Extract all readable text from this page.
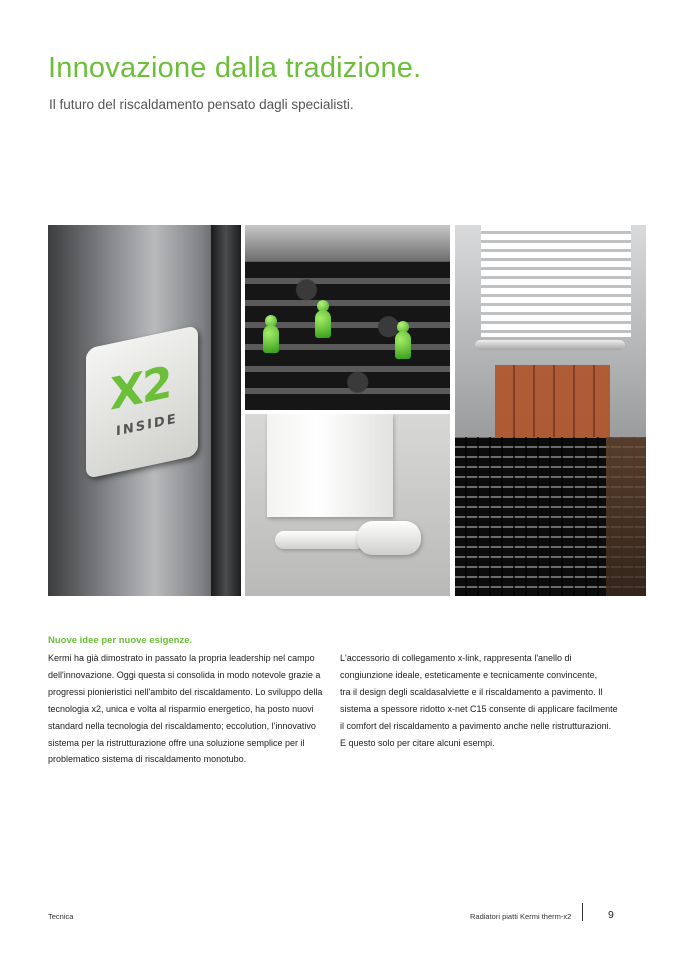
Innovazione dalla tradizione.
Il futuro del riscaldamento pensato dagli specialisti.
X2
INSIDE
Nuove idee per nuove esigenze.
Kermi ha già dimostrato in passato la propria leadership nel campo
dell'innovazione. Oggi questa si consolida in modo notevole grazie a
progressi pionieristici nell'ambito del riscaldamento. Lo sviluppo della
tecnologia x2, unica e volta al risparmio energetico, ha posto nuovi
standard nella tecnologia del riscaldamento; eccolution, l'innovativo
sistema per la ristrutturazione offre una soluzione semplice per il
problematico sistema di riscaldamento monotubo.
L'accessorio di collegamento x-link, rappresenta l'anello di
congiunzione ideale, esteticamente e tecnicamente convincente,
tra il design degli scaldasalviette e il riscaldamento a pavimento. Il
sistema a spessore ridotto x-net C15 consente di applicare facilmente
il comfort del riscaldamento a pavimento anche nelle ristrutturazioni.
E questo solo per citare alcuni esempi.
Tecnica	Radiatori piatti Kermi therm-x2	9
